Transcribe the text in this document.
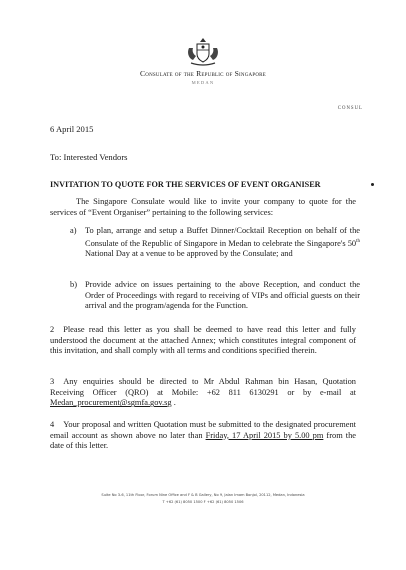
Consulate of the Republic of Singapore
MEDAN
CONSUL
6 April 2015
To: Interested Vendors
INVITATION TO QUOTE FOR THE SERVICES OF EVENT ORGANISER
The Singapore Consulate would like to invite your company to quote for the services of “Event Organiser” pertaining to the following services:
a) To plan, arrange and setup a Buffet Dinner/Cocktail Reception on behalf of the Consulate of the Republic of Singapore in Medan to celebrate the Singapore's 50th National Day at a venue to be approved by the Consulate; and
b) Provide advice on issues pertaining to the above Reception, and conduct the Order of Proceedings with regard to receiving of VIPs and official guests on their arrival and the program/agenda for the Function.
2 Please read this letter as you shall be deemed to have read this letter and fully understood the document at the attached Annex; which constitutes integral component of this invitation, and shall comply with all terms and conditions specified therein.
3 Any enquiries should be directed to Mr Abdul Rahman bin Hasan, Quotation Receiving Officer (QRO) at Mobile: +62 811 6130291 or by e-mail at Medan_procurement@sgmfa.gov.sg .
4 Your proposal and written Quotation must be submitted to the designated procurement email account as shown above no later than Friday, 17 April 2015 by 5.00 pm from the date of this letter.
Suite No 3-6, 11th Floor, Forum Nine Office and F & B Gallery, No 9, Jalan Imam Bonjol, 20112, Medan, Indonesia
T +62 (61) 8050 1500 F +62 (61) 8050 1506
